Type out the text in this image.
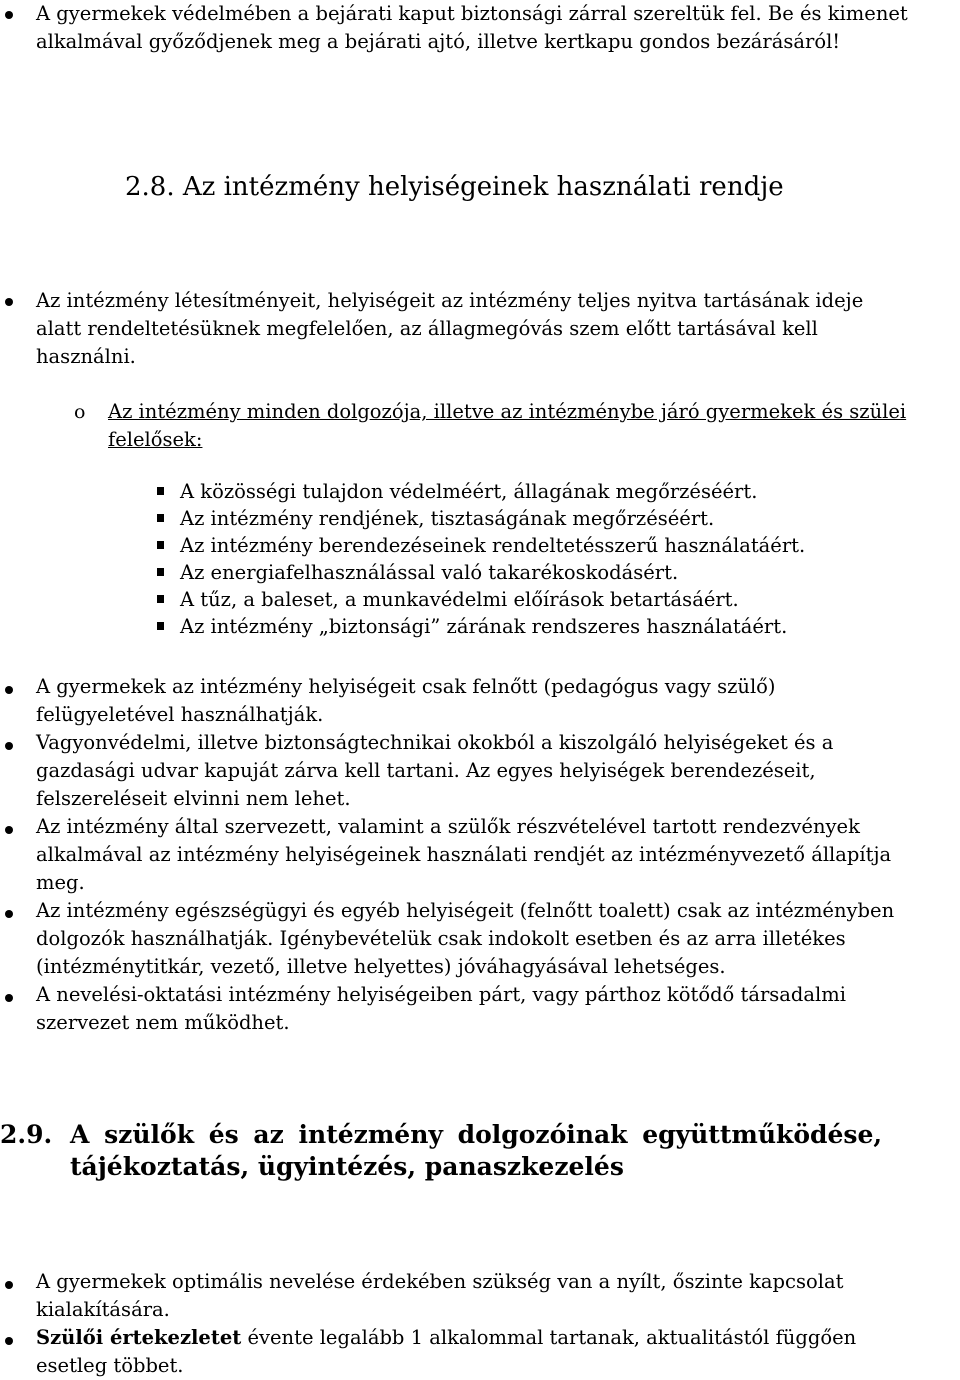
A gyermekek védelmében a bejárati kaput biztonsági zárral szereltük fel. Be és kimenet

alkalmával győződjenek meg a bejárati ajtó, illetve kertkapu gondos bezárásáról!

2.8. Az intézmény helyiségeinek használati rendje

Az intézmény létesítményeit, helyiségeit az intézmény teljes nyitva tartásának ideje

alatt rendeltetésüknek megfelelően, az állagmegóvás szem előtt tartásával kell

használni.

o Az intézmény minden dolgozója, illetve az intézménybe járó gyermekek és szülei

felelősek:

A közösségi tulajdon védelméért, állagának megőrzéséért.

Az intézmény rendjének, tisztaságának megőrzéséért.

Az intézmény berendezéseinek rendeltetésszerű használatáért.

Az energiafelhasználással való takarékoskodásért.

A tűz, a baleset, a munkavédelmi előírások betartásáért.

Az intézmény „biztonsági” zárának rendszeres használatáért.

A gyermekek az intézmény helyiségeit csak felnőtt (pedagógus vagy szülő)

felügyeletével használhatják.

Vagyonvédelmi, illetve biztonságtechnikai okokból a kiszolgáló helyiségeket és a

gazdasági udvar kapuját zárva kell tartani. Az egyes helyiségek berendezéseit,

felszereléseit elvinni nem lehet.

Az intézmény által szervezett, valamint a szülők részvételével tartott rendezvények

alkalmával az intézmény helyiségeinek használati rendjét az intézményvezető állapítja

meg.

Az intézmény egészségügyi és egyéb helyiségeit (felnőtt toalett) csak az intézményben

dolgozók használhatják. Igénybevételük csak indokolt esetben és az arra illetékes

(intézménytitkár, vezető, illetve helyettes) jóváhagyásával lehetséges.

A nevelési-oktatási intézmény helyiségeiben párt, vagy párthoz kötődő társadalmi

szervezet nem működhet.

2.9. A szülők és az intézmény dolgozóinak együttműködése,
tájékoztatás, ügyintézés, panaszkezelés

A gyermekek optimális nevelése érdekében szükség van a nyílt, őszinte kapcsolat

kialakítására.

Szülői értekezletet évente legalább 1 alkalommal tartanak, aktualitástól függően

esetleg többet.
